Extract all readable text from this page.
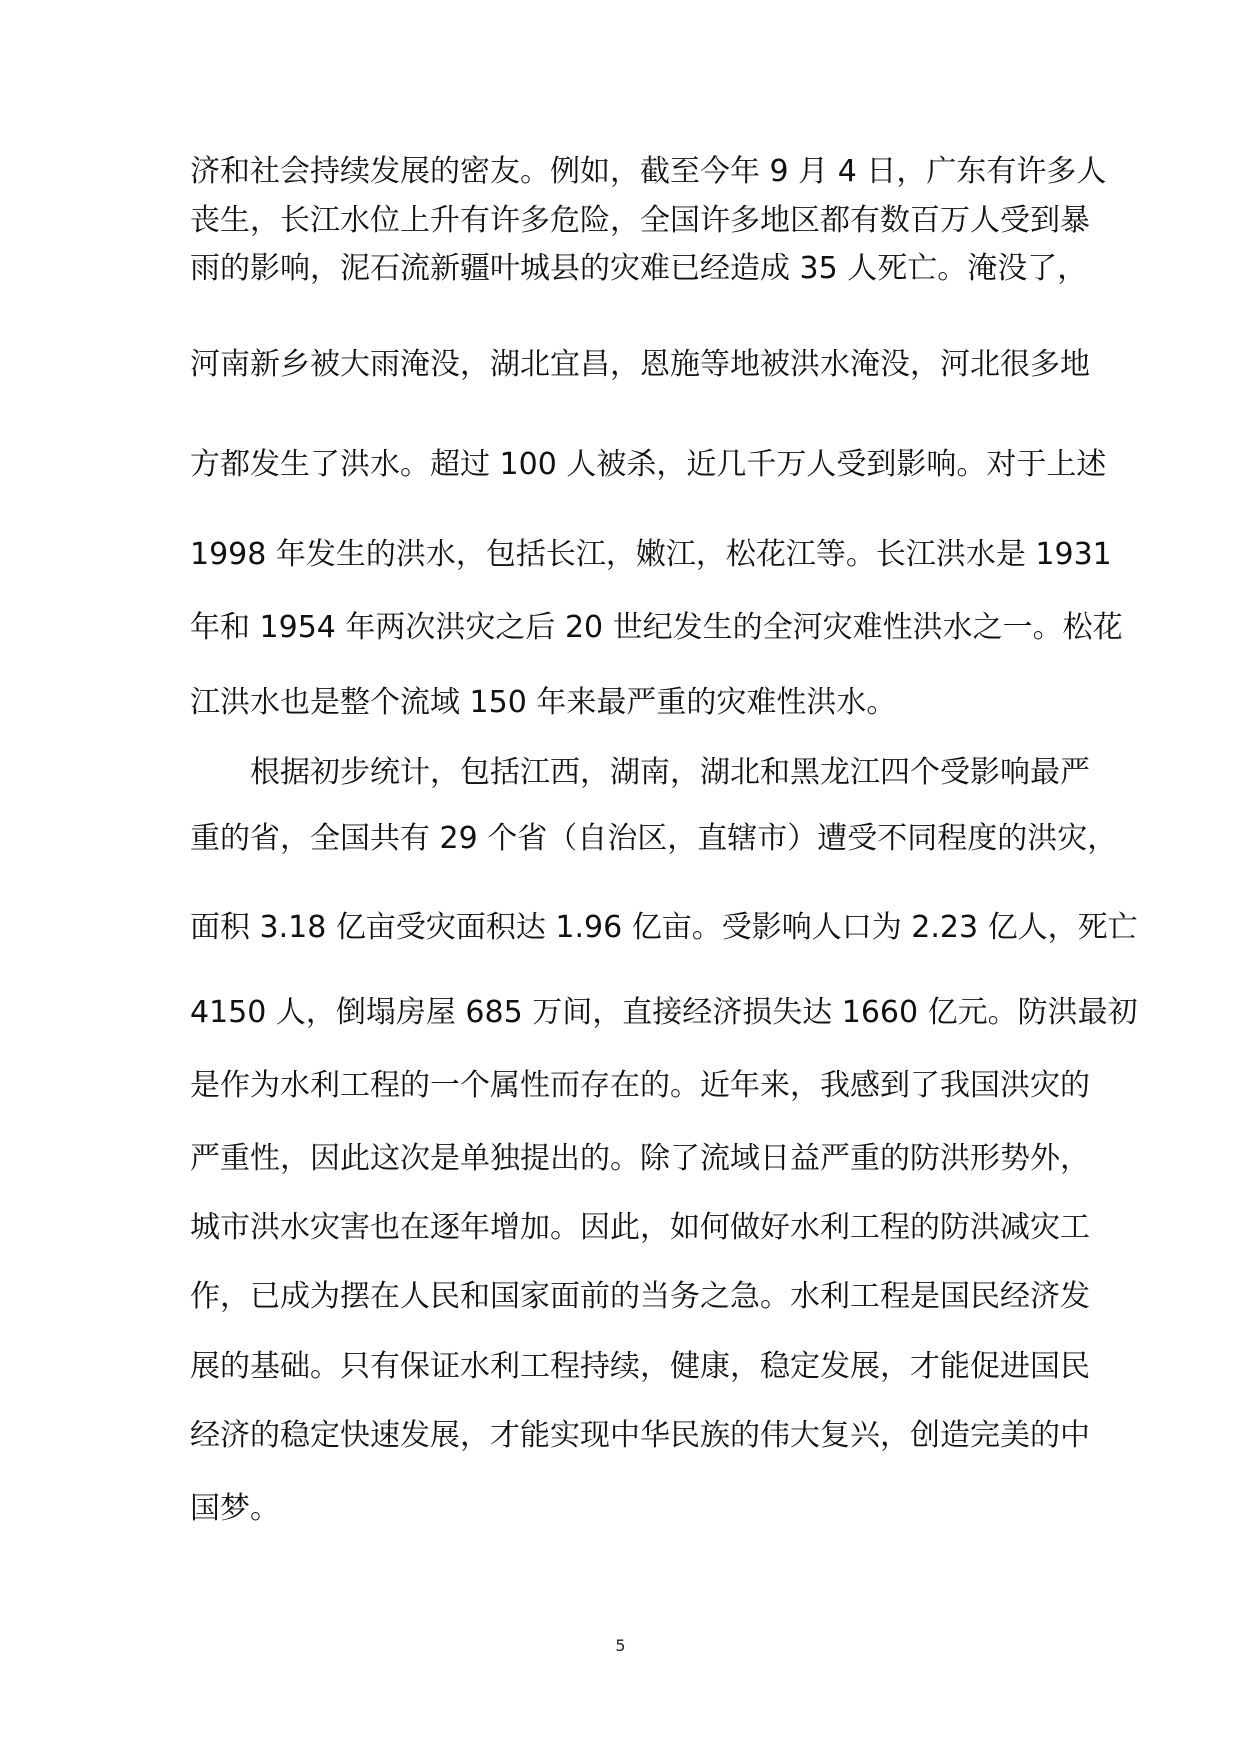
济和社会持续发展的密友。例如，截至今年 9 月 4 日，广东有许多人

丧生，长江水位上升有许多危险，全国许多地区都有数百万人受到暴

雨的影响，泥石流新疆叶城县的灾难已经造成 35 人死亡。淹没了，

河南新乡被大雨淹没，湖北宜昌，恩施等地被洪水淹没，河北很多地

方都发生了洪水。超过 100 人被杀，近几千万人受到影响。对于上述

1998 年发生的洪水，包括长江，嫩江，松花江等。长江洪水是 1931

年和 1954 年两次洪灾之后 20 世纪发生的全河灾难性洪水之一。松花

江洪水也是整个流域 150 年来最严重的灾难性洪水。

根据初步统计，包括江西，湖南，湖北和黑龙江四个受影响最严

重的省，全国共有 29 个省（自治区，直辖市）遭受不同程度的洪灾，

面积 3.18 亿亩受灾面积达 1.96 亿亩。受影响人口为 2.23 亿人，死亡

4150 人，倒塌房屋 685 万间，直接经济损失达 1660 亿元。防洪最初

是作为水利工程的一个属性而存在的。近年来，我感到了我国洪灾的

严重性，因此这次是单独提出的。除了流域日益严重的防洪形势外，

城市洪水灾害也在逐年增加。因此，如何做好水利工程的防洪减灾工

作，已成为摆在人民和国家面前的当务之急。水利工程是国民经济发

展的基础。只有保证水利工程持续，健康，稳定发展，才能促进国民

经济的稳定快速发展，才能实现中华民族的伟大复兴，创造完美的中

国梦。

5
